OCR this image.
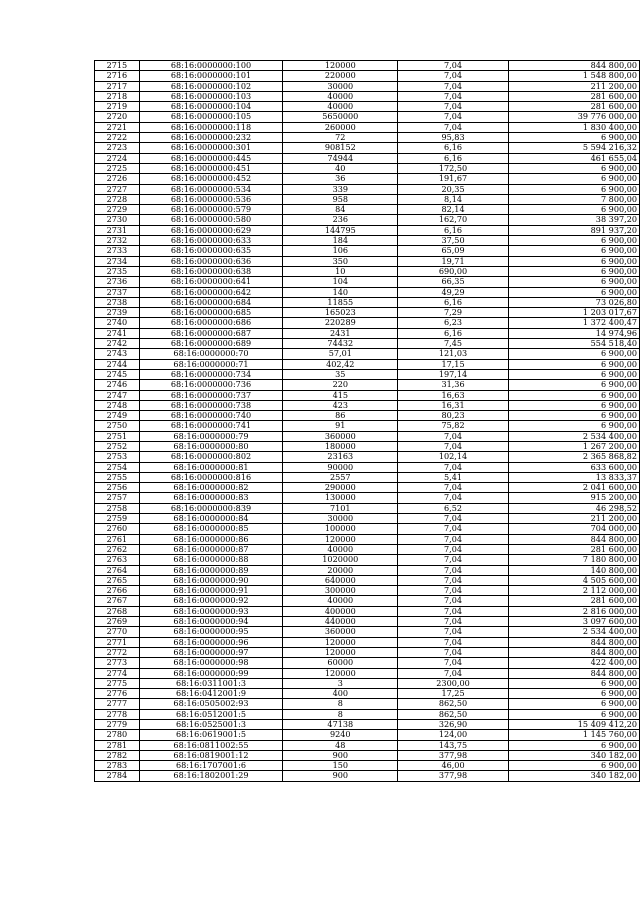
2715	68:16:0000000:100	120000	7,04	844 800,00
2716	68:16:0000000:101	220000	7,04	1 548 800,00
2717	68:16:0000000:102	30000	7,04	211 200,00
2718	68:16:0000000:103	40000	7,04	281 600,00
2719	68:16:0000000:104	40000	7,04	281 600,00
2720	68:16:0000000:105	5650000	7,04	39 776 000,00
2721	68:16:0000000:118	260000	7,04	1 830 400,00
2722	68:16:0000000:232	72	95,83	6 900,00
2723	68:16:0000000:301	908152	6,16	5 594 216,32
2724	68:16:0000000:445	74944	6,16	461 655,04
2725	68:16:0000000:451	40	172,50	6 900,00
2726	68:16:0000000:452	36	191,67	6 900,00
2727	68:16:0000000:534	339	20,35	6 900,00
2728	68:16:0000000:536	958	8,14	7 800,00
2729	68:16:0000000:579	84	82,14	6 900,00
2730	68:16:0000000:580	236	162,70	38 397,20
2731	68:16:0000000:629	144795	6,16	891 937,20
2732	68:16:0000000:633	184	37,50	6 900,00
2733	68:16:0000000:635	106	65,09	6 900,00
2734	68:16:0000000:636	350	19,71	6 900,00
2735	68:16:0000000:638	10	690,00	6 900,00
2736	68:16:0000000:641	104	66,35	6 900,00
2737	68:16:0000000:642	140	49,29	6 900,00
2738	68:16:0000000:684	11855	6,16	73 026,80
2739	68:16:0000000:685	165023	7,29	1 203 017,67
2740	68:16:0000000:686	220289	6,23	1 372 400,47
2741	68:16:0000000:687	2431	6,16	14 974,96
2742	68:16:0000000:689	74432	7,45	554 518,40
2743	68:16:0000000:70	57,01	121,03	6 900,00
2744	68:16:0000000:71	402,42	17,15	6 900,00
2745	68:16:0000000:734	35	197,14	6 900,00
2746	68:16:0000000:736	220	31,36	6 900,00
2747	68:16:0000000:737	415	16,63	6 900,00
2748	68:16:0000000:738	423	16,31	6 900,00
2749	68:16:0000000:740	86	80,23	6 900,00
2750	68:16:0000000:741	91	75,82	6 900,00
2751	68:16:0000000:79	360000	7,04	2 534 400,00
2752	68:16:0000000:80	180000	7,04	1 267 200,00
2753	68:16:0000000:802	23163	102,14	2 365 868,82
2754	68:16:0000000:81	90000	7,04	633 600,00
2755	68:16:0000000:816	2557	5,41	13 833,37
2756	68:16:0000000:82	290000	7,04	2 041 600,00
2757	68:16:0000000:83	130000	7,04	915 200,00
2758	68:16:0000000:839	7101	6,52	46 298,52
2759	68:16:0000000:84	30000	7,04	211 200,00
2760	68:16:0000000:85	100000	7,04	704 000,00
2761	68:16:0000000:86	120000	7,04	844 800,00
2762	68:16:0000000:87	40000	7,04	281 600,00
2763	68:16:0000000:88	1020000	7,04	7 180 800,00
2764	68:16:0000000:89	20000	7,04	140 800,00
2765	68:16:0000000:90	640000	7,04	4 505 600,00
2766	68:16:0000000:91	300000	7,04	2 112 000,00
2767	68:16:0000000:92	40000	7,04	281 600,00
2768	68:16:0000000:93	400000	7,04	2 816 000,00
2769	68:16:0000000:94	440000	7,04	3 097 600,00
2770	68:16:0000000:95	360000	7,04	2 534 400,00
2771	68:16:0000000:96	120000	7,04	844 800,00
2772	68:16:0000000:97	120000	7,04	844 800,00
2773	68:16:0000000:98	60000	7,04	422 400,00
2774	68:16:0000000:99	120000	7,04	844 800,00
2775	68:16:0311001:3	3	2300,00	6 900,00
2776	68:16:0412001:9	400	17,25	6 900,00
2777	68:16:0505002:93	8	862,50	6 900,00
2778	68:16:0512001:5	8	862,50	6 900,00
2779	68:16:0525001:3	47138	326,90	15 409 412,20
2780	68:16:0619001:5	9240	124,00	1 145 760,00
2781	68:16:0811002:55	48	143,75	6 900,00
2782	68:16:0819001:12	900	377,98	340 182,00
2783	68:16:1707001:6	150	46,00	6 900,00
2784	68:16:1802001:29	900	377,98	340 182,00
